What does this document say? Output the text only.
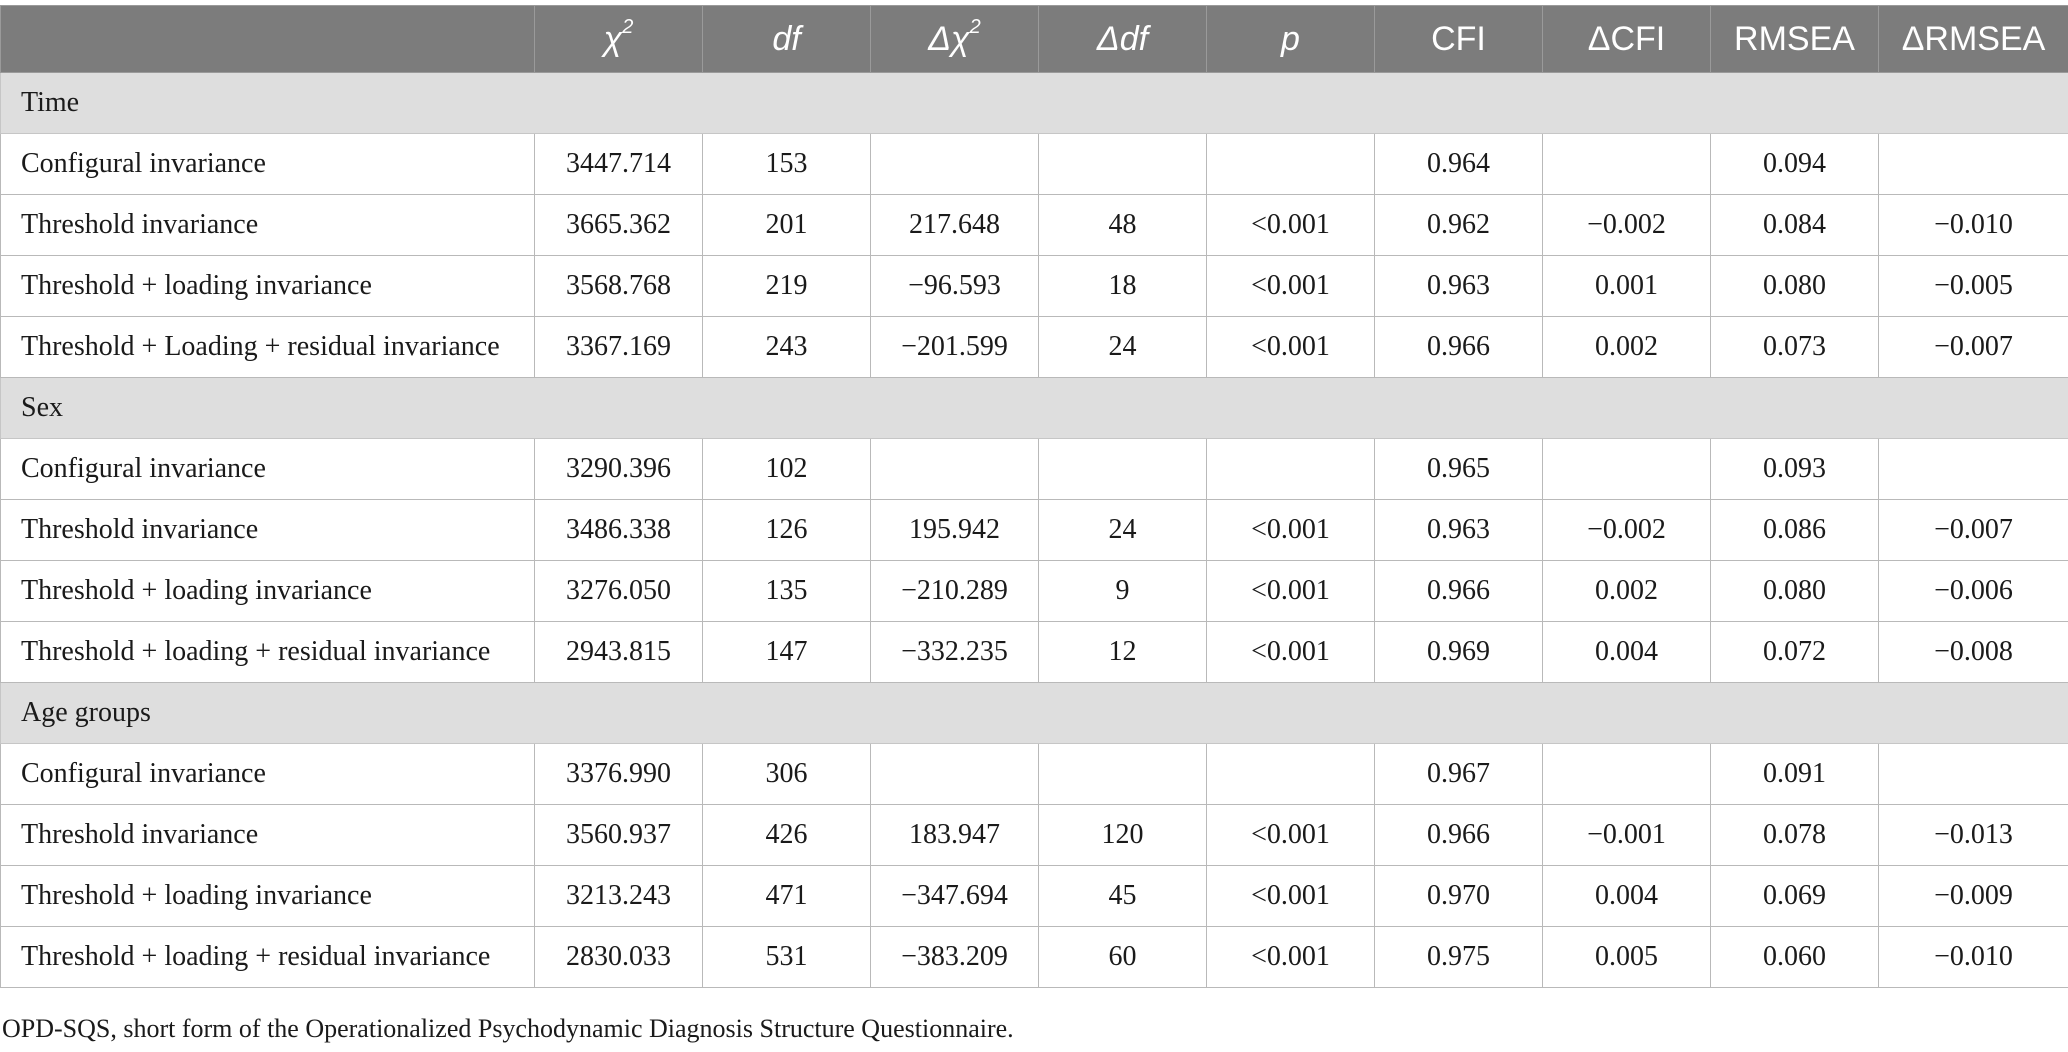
	$\chi^2$	df	$\Delta\chi^2$	Δdf	p	CFI	ΔCFI	RMSEA	ΔRMSEA
Time									
Configural invariance	3447.714	153				0.964		0.094	
Threshold invariance	3665.362	201	217.648	48	<0.001	0.962	−0.002	0.084	−0.010
Threshold + loading invariance	3568.768	219	−96.593	18	<0.001	0.963	0.001	0.080	−0.005
Threshold + Loading + residual invariance	3367.169	243	−201.599	24	<0.001	0.966	0.002	0.073	−0.007
Sex									
Configural invariance	3290.396	102				0.965		0.093	
Threshold invariance	3486.338	126	195.942	24	<0.001	0.963	−0.002	0.086	−0.007
Threshold + loading invariance	3276.050	135	−210.289	9	<0.001	0.966	0.002	0.080	−0.006
Threshold + loading + residual invariance	2943.815	147	−332.235	12	<0.001	0.969	0.004	0.072	−0.008
Age groups									
Configural invariance	3376.990	306				0.967		0.091	
Threshold invariance	3560.937	426	183.947	120	<0.001	0.966	−0.001	0.078	−0.013
Threshold + loading invariance	3213.243	471	−347.694	45	<0.001	0.970	0.004	0.069	−0.009
Threshold + loading + residual invariance	2830.033	531	−383.209	60	<0.001	0.975	0.005	0.060	−0.010
OPD-SQS, short form of the Operationalized Psychodynamic Diagnosis Structure Questionnaire.
